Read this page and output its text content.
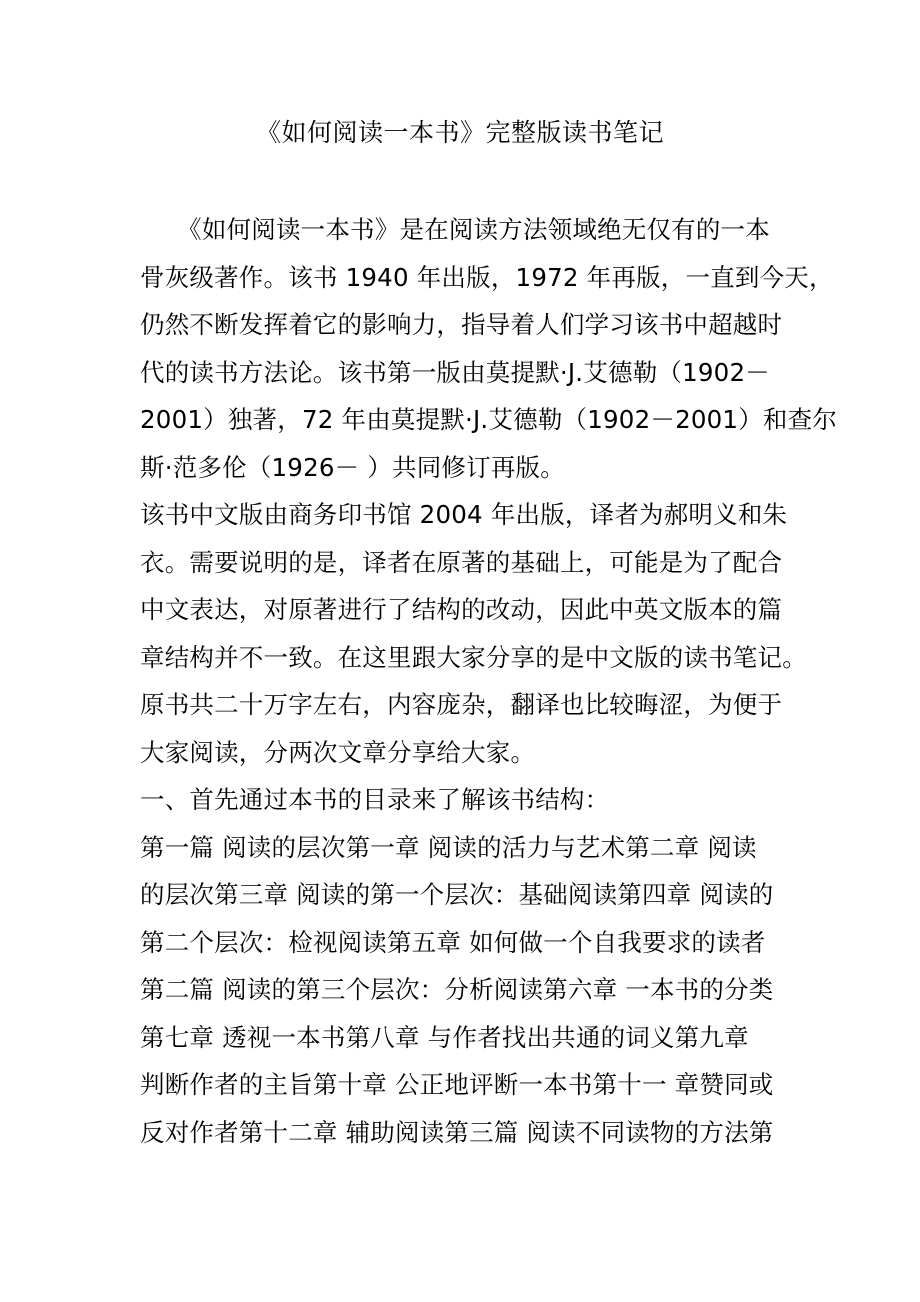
《如何阅读一本书》完整版读书笔记
　　《如何阅读一本书》是在阅读方法领域绝无仅有的一本
骨灰级著作。该书 1940 年出版，1972 年再版，一直到今天，
仍然不断发挥着它的影响力，指导着人们学习该书中超越时
代的读书方法论。该书第一版由莫提默·J.艾德勒（1902－
2001）独著，72 年由莫提默·J.艾德勒（1902－2001）和查尔
斯·范多伦（1926－ ）共同修订再版。
该书中文版由商务印书馆 2004 年出版，译者为郝明义和朱
衣。需要说明的是，译者在原著的基础上，可能是为了配合
中文表达，对原著进行了结构的改动，因此中英文版本的篇
章结构并不一致。在这里跟大家分享的是中文版的读书笔记。
原书共二十万字左右，内容庞杂，翻译也比较晦涩，为便于
大家阅读，分两次文章分享给大家。
一、首先通过本书的目录来了解该书结构：
第一篇 阅读的层次第一章 阅读的活力与艺术第二章 阅读
的层次第三章 阅读的第一个层次：基础阅读第四章 阅读的
第二个层次：检视阅读第五章 如何做一个自我要求的读者
第二篇 阅读的第三个层次：分析阅读第六章 一本书的分类
第七章 透视一本书第八章 与作者找出共通的词义第九章
判断作者的主旨第十章 公正地评断一本书第十一 章赞同或
反对作者第十二章 辅助阅读第三篇 阅读不同读物的方法第
